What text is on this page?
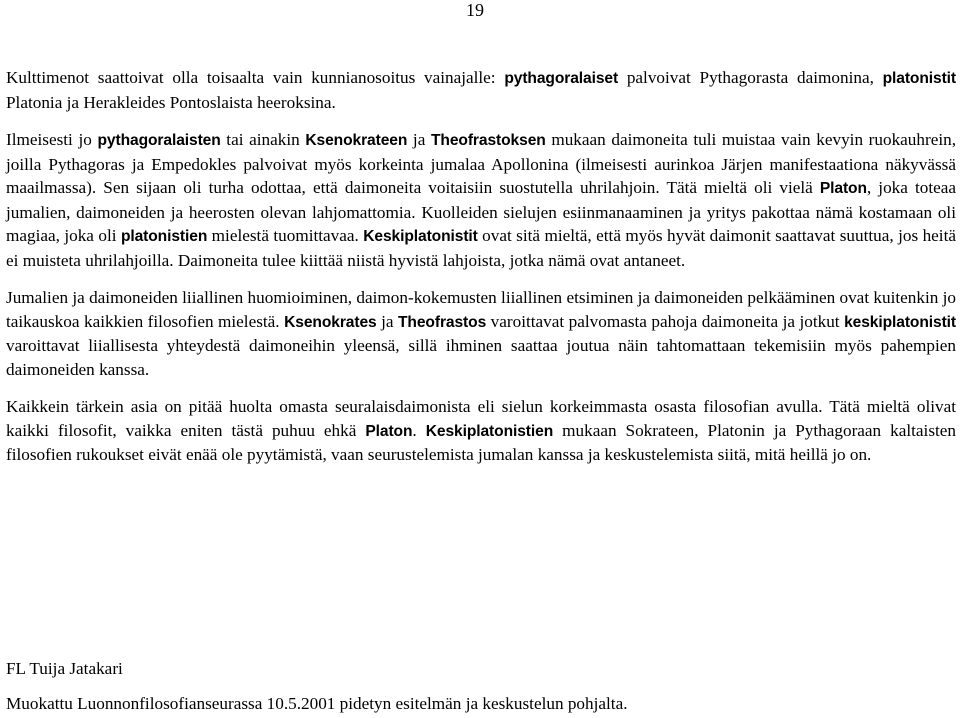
19

Kulttimenot saattoivat olla toisaalta vain kunnianosoitus vainajalle: pythagoralaiset palvoivat Pythagorasta daimonina, platonistit Platonia ja Herakleides Pontoslaista heeroksina.

Ilmeisesti jo pythagoralaisten tai ainakin Ksenokrateen ja Theofrastoksen mukaan daimoneita tuli muistaa vain kevyin ruokauhrein, joilla Pythagoras ja Empedokles palvoivat myös korkeinta jumalaa Apollonina (ilmeisesti aurinkoa Järjen manifestaationa näkyvässä maailmassa). Sen sijaan oli turha odottaa, että daimoneita voitaisiin suostutella uhrilahjoin. Tätä mieltä oli vielä Platon, joka toteaa jumalien, daimoneiden ja heerosten olevan lahjomattomia. Kuolleiden sielujen esiinmanaaminen ja yritys pakottaa nämä kostamaan oli magiaa, joka oli platonistien mielestä tuomittavaa. Keskiplatonistit ovat sitä mieltä, että myös hyvät daimonit saattavat suuttua, jos heitä ei muisteta uhrilahjoilla. Daimoneita tulee kiittää niistä hyvistä lahjoista, jotka nämä ovat antaneet.

Jumalien ja daimoneiden liiallinen huomioiminen, daimon-kokemusten liiallinen etsiminen ja daimoneiden pelkääminen ovat kuitenkin jo taikauskoa kaikkien filosofien mielestä. Ksenokrates ja Theofrastos varoittavat palvomasta pahoja daimoneita ja jotkut keskiplatonistit varoittavat liiallisesta yhteydestä daimoneihin yleensä, sillä ihminen saattaa joutua näin tahtomattaan tekemisiin myös pahempien daimoneiden kanssa.

Kaikkein tärkein asia on pitää huolta omasta seuralaisdaimonista eli sielun korkeimmasta osasta filosofian avulla. Tätä mieltä olivat kaikki filosofit, vaikka eniten tästä puhuu ehkä Platon. Keskiplatonistien mukaan Sokrateen, Platonin ja Pythagoraan kaltaisten filosofien rukoukset eivät enää ole pyytämistä, vaan seurustelemista jumalan kanssa ja keskustelemista siitä, mitä heillä jo on.

FL Tuija Jatakari
Muokattu Luonnonfilosofianseurassa 10.5.2001 pidetyn esitelmän ja keskustelun pohjalta.
